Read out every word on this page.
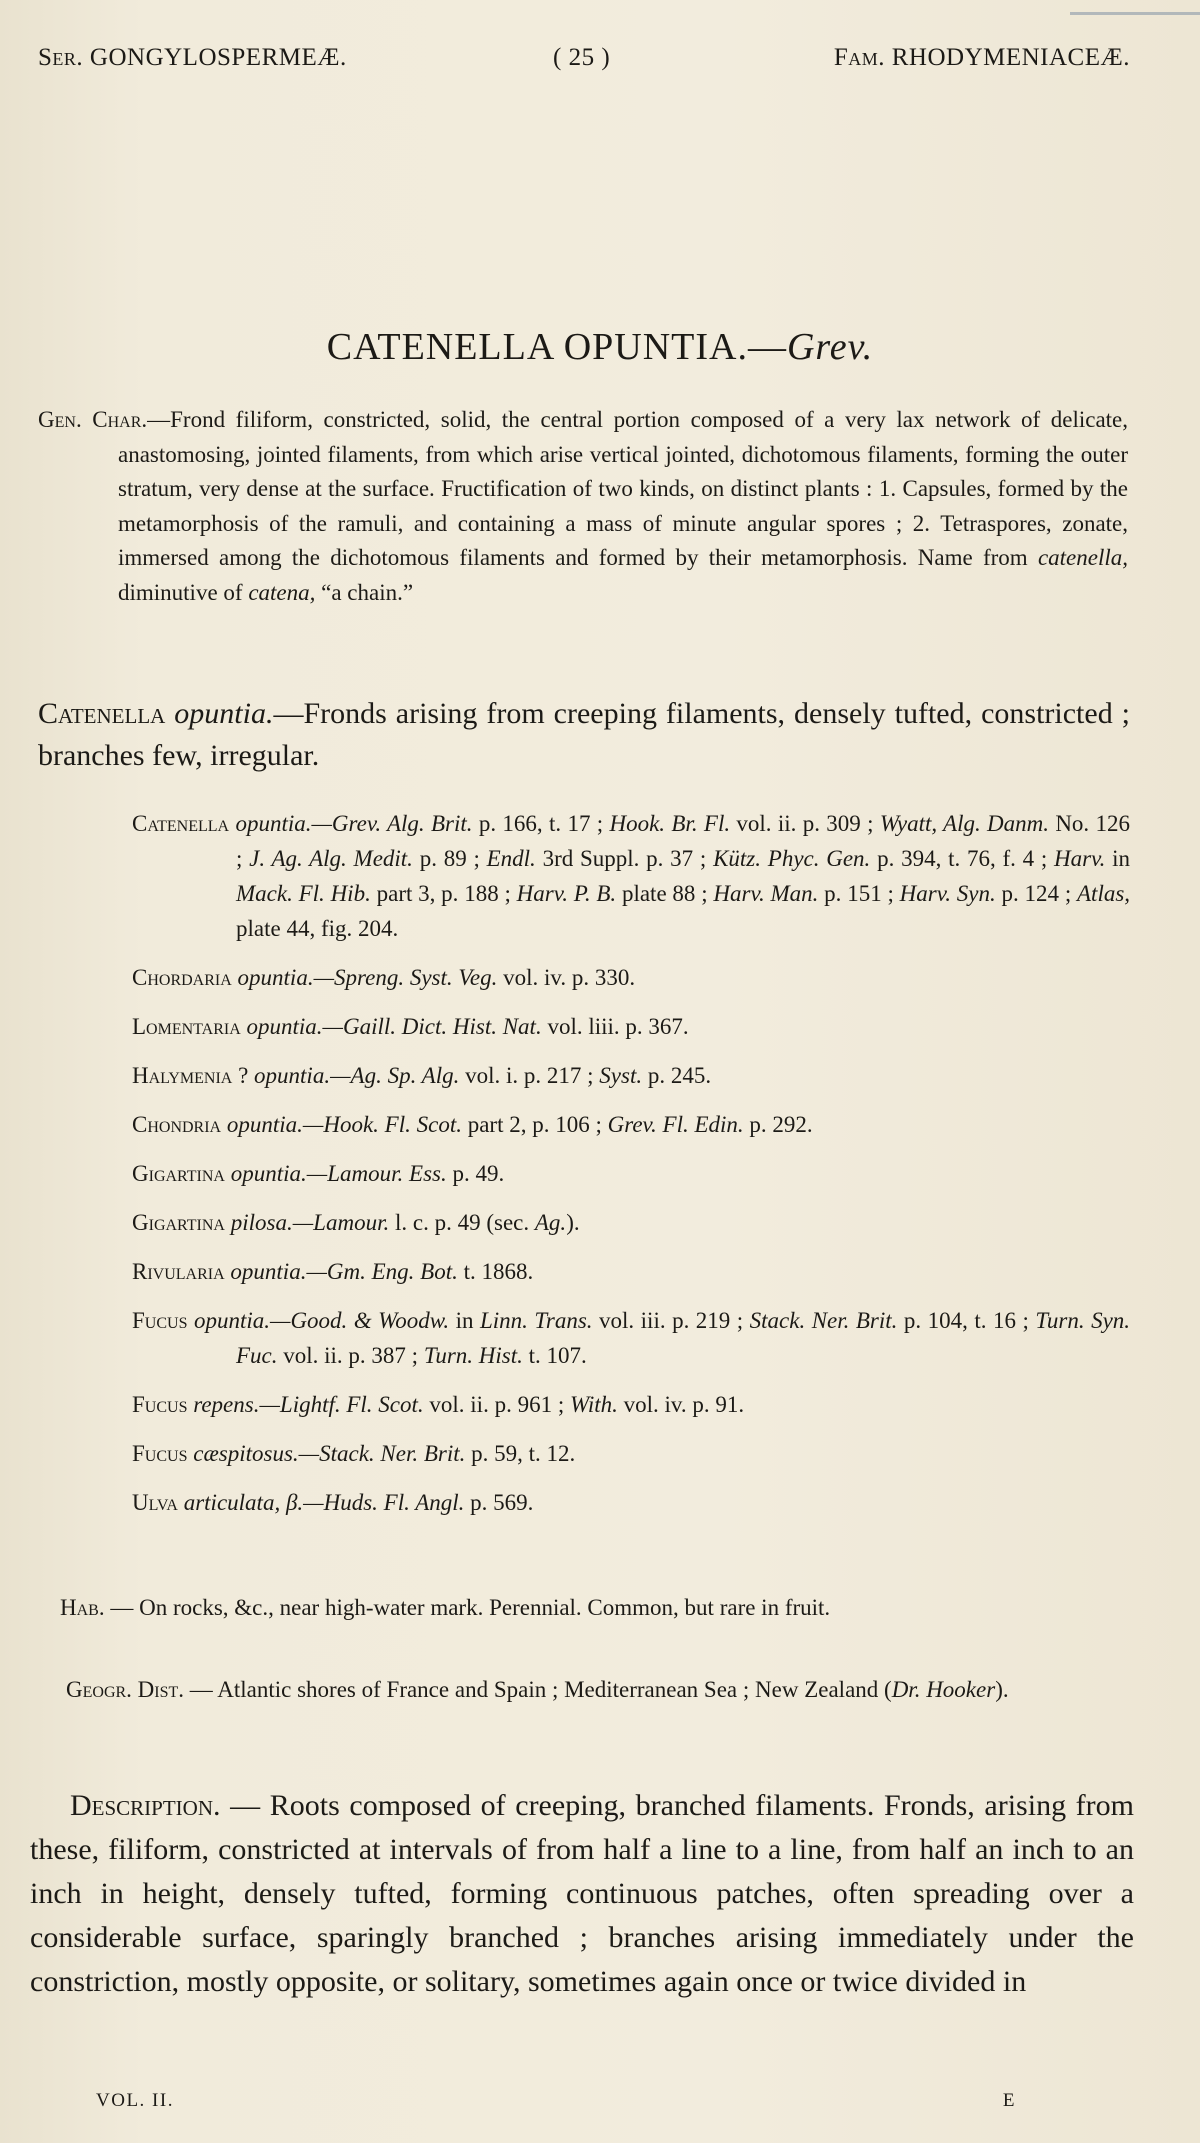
Ser. GONGYLOSPERMEÆ.	( 25 )	Fam. RHODYMENIACEÆ.
CATENELLA OPUNTIA.—Grev.
Gen. Char.—Frond filiform, constricted, solid, the central portion composed of a very lax network of delicate, anastomosing, jointed filaments, from which arise vertical jointed, dichotomous filaments, forming the outer stratum, very dense at the surface. Fructification of two kinds, on distinct plants : 1. Capsules, formed by the metamorphosis of the ramuli, and containing a mass of minute angular spores ; 2. Tetraspores, zonate, immersed among the dichotomous filaments and formed by their metamorphosis. Name from catenella, diminutive of catena, “a chain.”
Catenella opuntia.—Fronds arising from creeping filaments, densely tufted, constricted ; branches few, irregular.
Catenella opuntia.—Grev. Alg. Brit. p. 166, t. 17 ; Hook. Br. Fl. vol. ii. p. 309 ; Wyatt, Alg. Danm. No. 126 ; J. Ag. Alg. Medit. p. 89 ; Endl. 3rd Suppl. p. 37 ; Kütz. Phyc. Gen. p. 394, t. 76, f. 4 ; Harv. in Mack. Fl. Hib. part 3, p. 188 ; Harv. P. B. plate 88 ; Harv. Man. p. 151 ; Harv. Syn. p. 124 ; Atlas, plate 44, fig. 204.
Chordaria opuntia.—Spreng. Syst. Veg. vol. iv. p. 330.
Lomentaria opuntia.—Gaill. Dict. Hist. Nat. vol. liii. p. 367.
Halymenia ? opuntia.—Ag. Sp. Alg. vol. i. p. 217 ; Syst. p. 245.
Chondria opuntia.—Hook. Fl. Scot. part 2, p. 106 ; Grev. Fl. Edin. p. 292.
Gigartina opuntia.—Lamour. Ess. p. 49.
Gigartina pilosa.—Lamour. l. c. p. 49 (sec. Ag.).
Rivularia opuntia.—Gm. Eng. Bot. t. 1868.
Fucus opuntia.—Good. & Woodw. in Linn. Trans. vol. iii. p. 219 ; Stack. Ner. Brit. p. 104, t. 16 ; Turn. Syn. Fuc. vol. ii. p. 387 ; Turn. Hist. t. 107.
Fucus repens.—Lightf. Fl. Scot. vol. ii. p. 961 ; With. vol. iv. p. 91.
Fucus cæspitosus.—Stack. Ner. Brit. p. 59, t. 12.
Ulva articulata, β.—Huds. Fl. Angl. p. 569.
Hab. — On rocks, &c., near high-water mark. Perennial. Common, but rare in fruit.
Geogr. Dist. — Atlantic shores of France and Spain ; Mediterranean Sea ; New Zealand (Dr. Hooker).
Description. — Roots composed of creeping, branched filaments. Fronds, arising from these, filiform, constricted at intervals of from half a line to a line, from half an inch to an inch in height, densely tufted, forming continuous patches, often spreading over a considerable surface, sparingly branched ; branches arising immediately under the constriction, mostly opposite, or solitary, sometimes again once or twice divided in
VOL. II.	E
